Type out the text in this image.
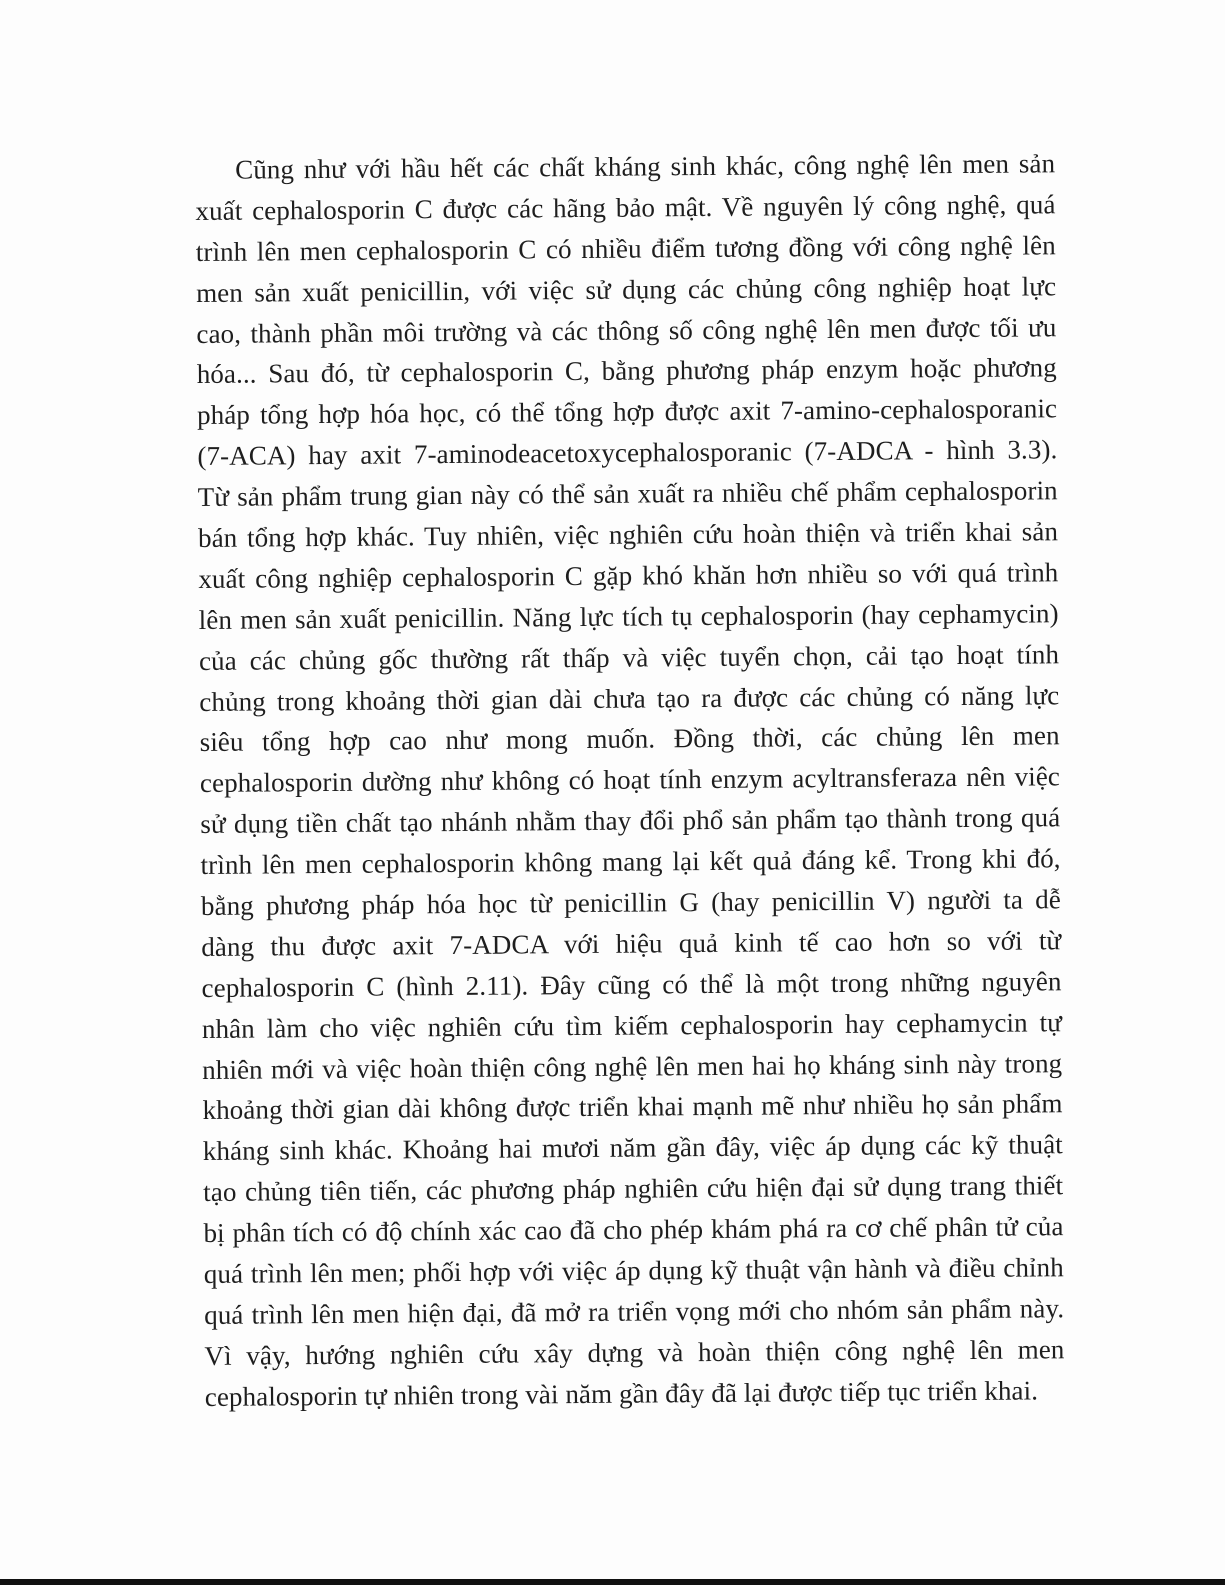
Cũng như với hầu hết các chất kháng sinh khác, công nghệ lên men sản
xuất cephalosporin C được các hãng bảo mật. Về nguyên lý công nghệ, quá
trình lên men cephalosporin C có nhiều điểm tương đồng với công nghệ lên
men sản xuất penicillin, với việc sử dụng các chủng công nghiệp hoạt lực
cao, thành phần môi trường và các thông số công nghệ lên men được tối ưu
hóa... Sau đó, từ cephalosporin C, bằng phương pháp enzym hoặc phương
pháp tổng hợp hóa học, có thể tổng hợp được axit 7-amino-cephalosporanic
(7-ACA) hay axit 7-aminodeacetoxycephalosporanic (7-ADCA - hình 3.3).
Từ sản phẩm trung gian này có thể sản xuất ra nhiều chế phẩm cephalosporin
bán tổng hợp khác. Tuy nhiên, việc nghiên cứu hoàn thiện và triển khai sản
xuất công nghiệp cephalosporin C gặp khó khăn hơn nhiều so với quá trình
lên men sản xuất penicillin. Năng lực tích tụ cephalosporin (hay cephamycin)
của các chủng gốc thường rất thấp và việc tuyển chọn, cải tạo hoạt tính
chủng trong khoảng thời gian dài chưa tạo ra được các chủng có năng lực
siêu tổng hợp cao như mong muốn. Đồng thời, các chủng lên men
cephalosporin dường như không có hoạt tính enzym acyltransferaza nên việc
sử dụng tiền chất tạo nhánh nhằm thay đổi phổ sản phẩm tạo thành trong quá
trình lên men cephalosporin không mang lại kết quả đáng kể. Trong khi đó,
bằng phương pháp hóa học từ penicillin G (hay penicillin V) người ta dễ
dàng thu được axit 7-ADCA với hiệu quả kinh tế cao hơn so với từ
cephalosporin C (hình 2.11). Đây cũng có thể là một trong những nguyên
nhân làm cho việc nghiên cứu tìm kiếm cephalosporin hay cephamycin tự
nhiên mới và việc hoàn thiện công nghệ lên men hai họ kháng sinh này trong
khoảng thời gian dài không được triển khai mạnh mẽ như nhiều họ sản phẩm
kháng sinh khác. Khoảng hai mươi năm gần đây, việc áp dụng các kỹ thuật
tạo chủng tiên tiến, các phương pháp nghiên cứu hiện đại sử dụng trang thiết
bị phân tích có độ chính xác cao đã cho phép khám phá ra cơ chế phân tử của
quá trình lên men; phối hợp với việc áp dụng kỹ thuật vận hành và điều chỉnh
quá trình lên men hiện đại, đã mở ra triển vọng mới cho nhóm sản phẩm này.
Vì vậy, hướng nghiên cứu xây dựng và hoàn thiện công nghệ lên men
cephalosporin tự nhiên trong vài năm gần đây đã lại được tiếp tục triển khai.
